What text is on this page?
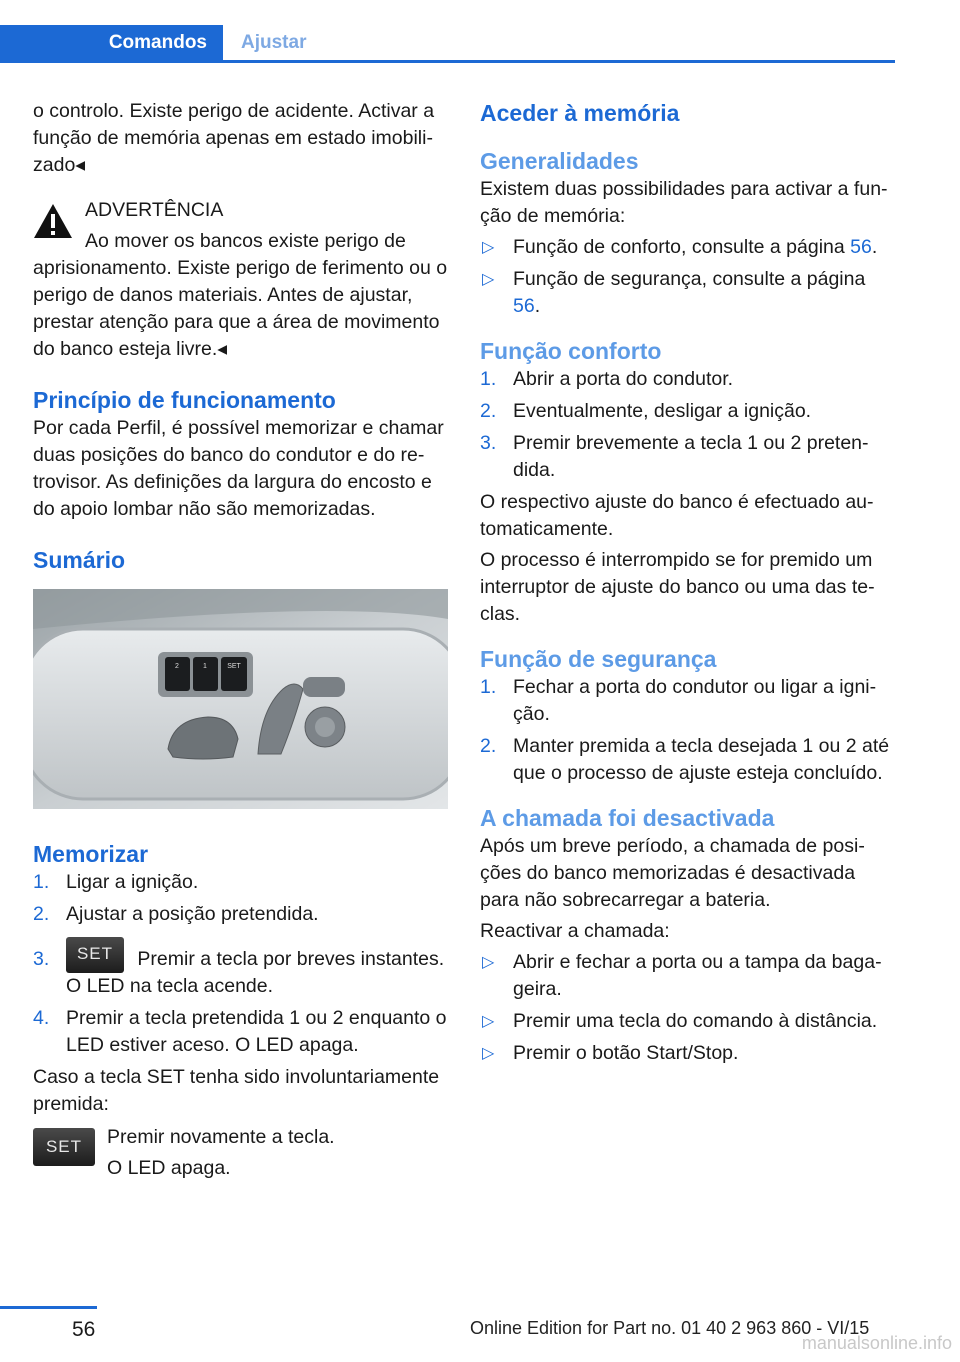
Comandos	Ajustar

o controlo. Existe perigo de acidente. Activar a função de memória apenas em estado imobilizado◂

ADVERTÊNCIA

Ao mover os bancos existe perigo de aprisionamento. Existe perigo de ferimento ou o perigo de danos materiais. Antes de ajustar, prestar atenção para que a área de movimento do banco esteja livre.◂

Princípio de funcionamento

Por cada Perfil, é possível memorizar e chamar duas posições do banco do condutor e do retrovisor. As definições da largura do encosto e do apoio lombar não são memorizadas.

Sumário
2	1	SET
Memorizar
1. Ligar a ignição.
2. Ajustar a posição pretendida.
3. SET Premir a tecla por breves instantes. O LED na tecla acende.
4. Premir a tecla pretendida 1 ou 2 enquanto o LED estiver aceso. O LED apaga.

Caso a tecla SET tenha sido involuntariamente premida:

SET	Premir novamente a tecla.

O LED apaga.

Aceder à memória
Generalidades

Existem duas possibilidades para activar a função de memória:

▷ Função de conforto, consulte a página 56.
▷ Função de segurança, consulte a página 56.
Função conforto
1. Abrir a porta do condutor.
2. Eventualmente, desligar a ignição.
3. Premir brevemente a tecla 1 ou 2 pretendida.

O respectivo ajuste do banco é efectuado automaticamente.

O processo é interrompido se for premido um interruptor de ajuste do banco ou uma das teclas.

Função de segurança
1. Fechar a porta do condutor ou ligar a ignição.
2. Manter premida a tecla desejada 1 ou 2 até que o processo de ajuste esteja concluído.
A chamada foi desactivada

Após um breve período, a chamada de posições do banco memorizadas é desactivada para não sobrecarregar a bateria.

Reactivar a chamada:

▷ Abrir e fechar a porta ou a tampa da bagageira.
▷ Premir uma tecla do comando à distância.
▷ Premir o botão Start/Stop.
56	Online Edition for Part no. 01 40 2 963 860 - VI/15
manualsonline.info
